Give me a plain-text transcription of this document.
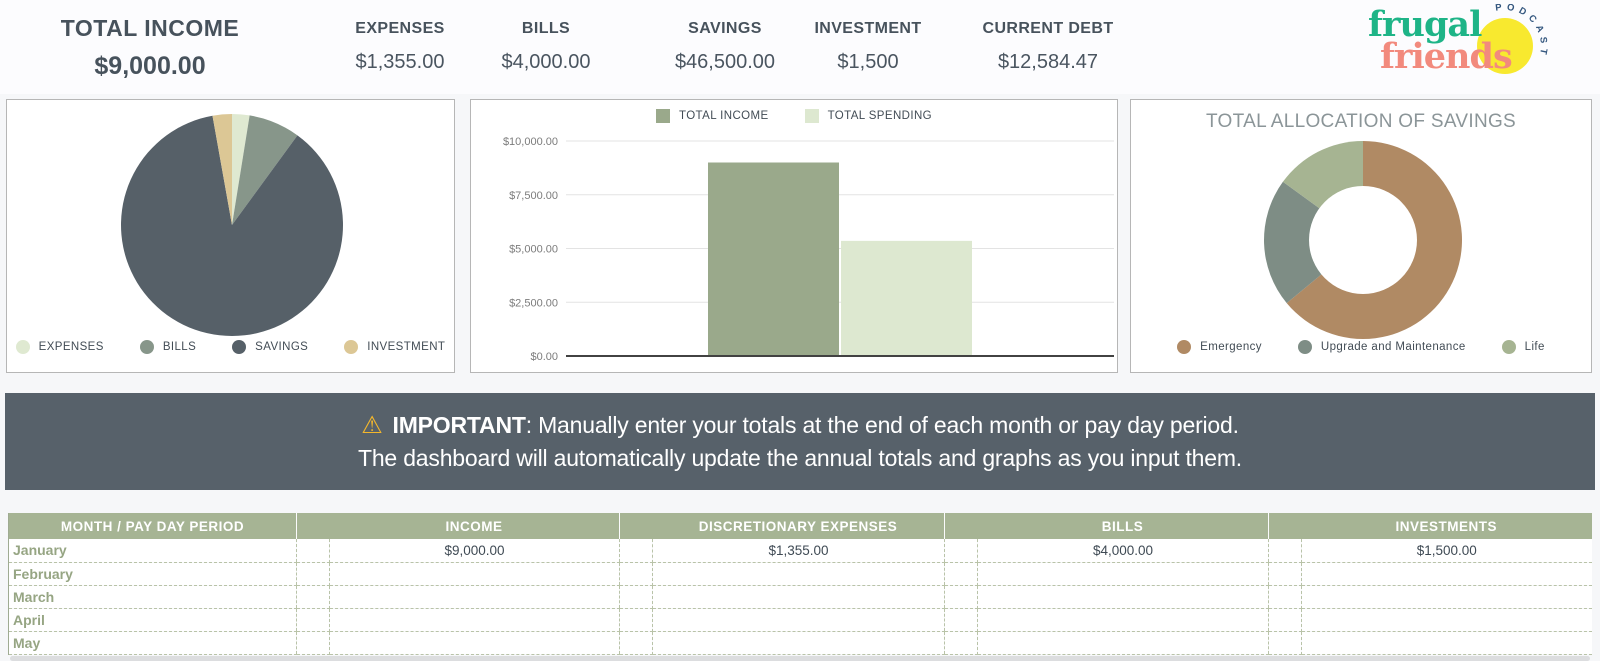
TOTAL INCOME
$9,000.00
EXPENSES
$1,355.00
BILLS
$4,000.00
SAVINGS
$46,500.00
INVESTMENT
$1,500
CURRENT DEBT
$12,584.47
PODCAST
frugal
friends
EXPENSES	BILLS	SAVINGS	INVESTMENT
$2,500.00
$5,000.00
$7,500.00
$10,000.00
$0.00
TOTAL INCOME	TOTAL SPENDING	TOTAL ALLOCATION OF SAVINGS
Emergency	Upgrade and Maintenance	Life
⚠ IMPORTANT: Manually enter your totals at the end of each month or pay day period.
The dashboard will automatically update the annual totals and graphs as you input them.
MONTH / PAY DAY PERIOD	INCOME		DISCRETIONARY EXPENSES		BILLS		INVESTMENTS	
January		$9,000.00		$1,355.00		$4,000.00		$1,500.00
February								
March								
April								
May								
